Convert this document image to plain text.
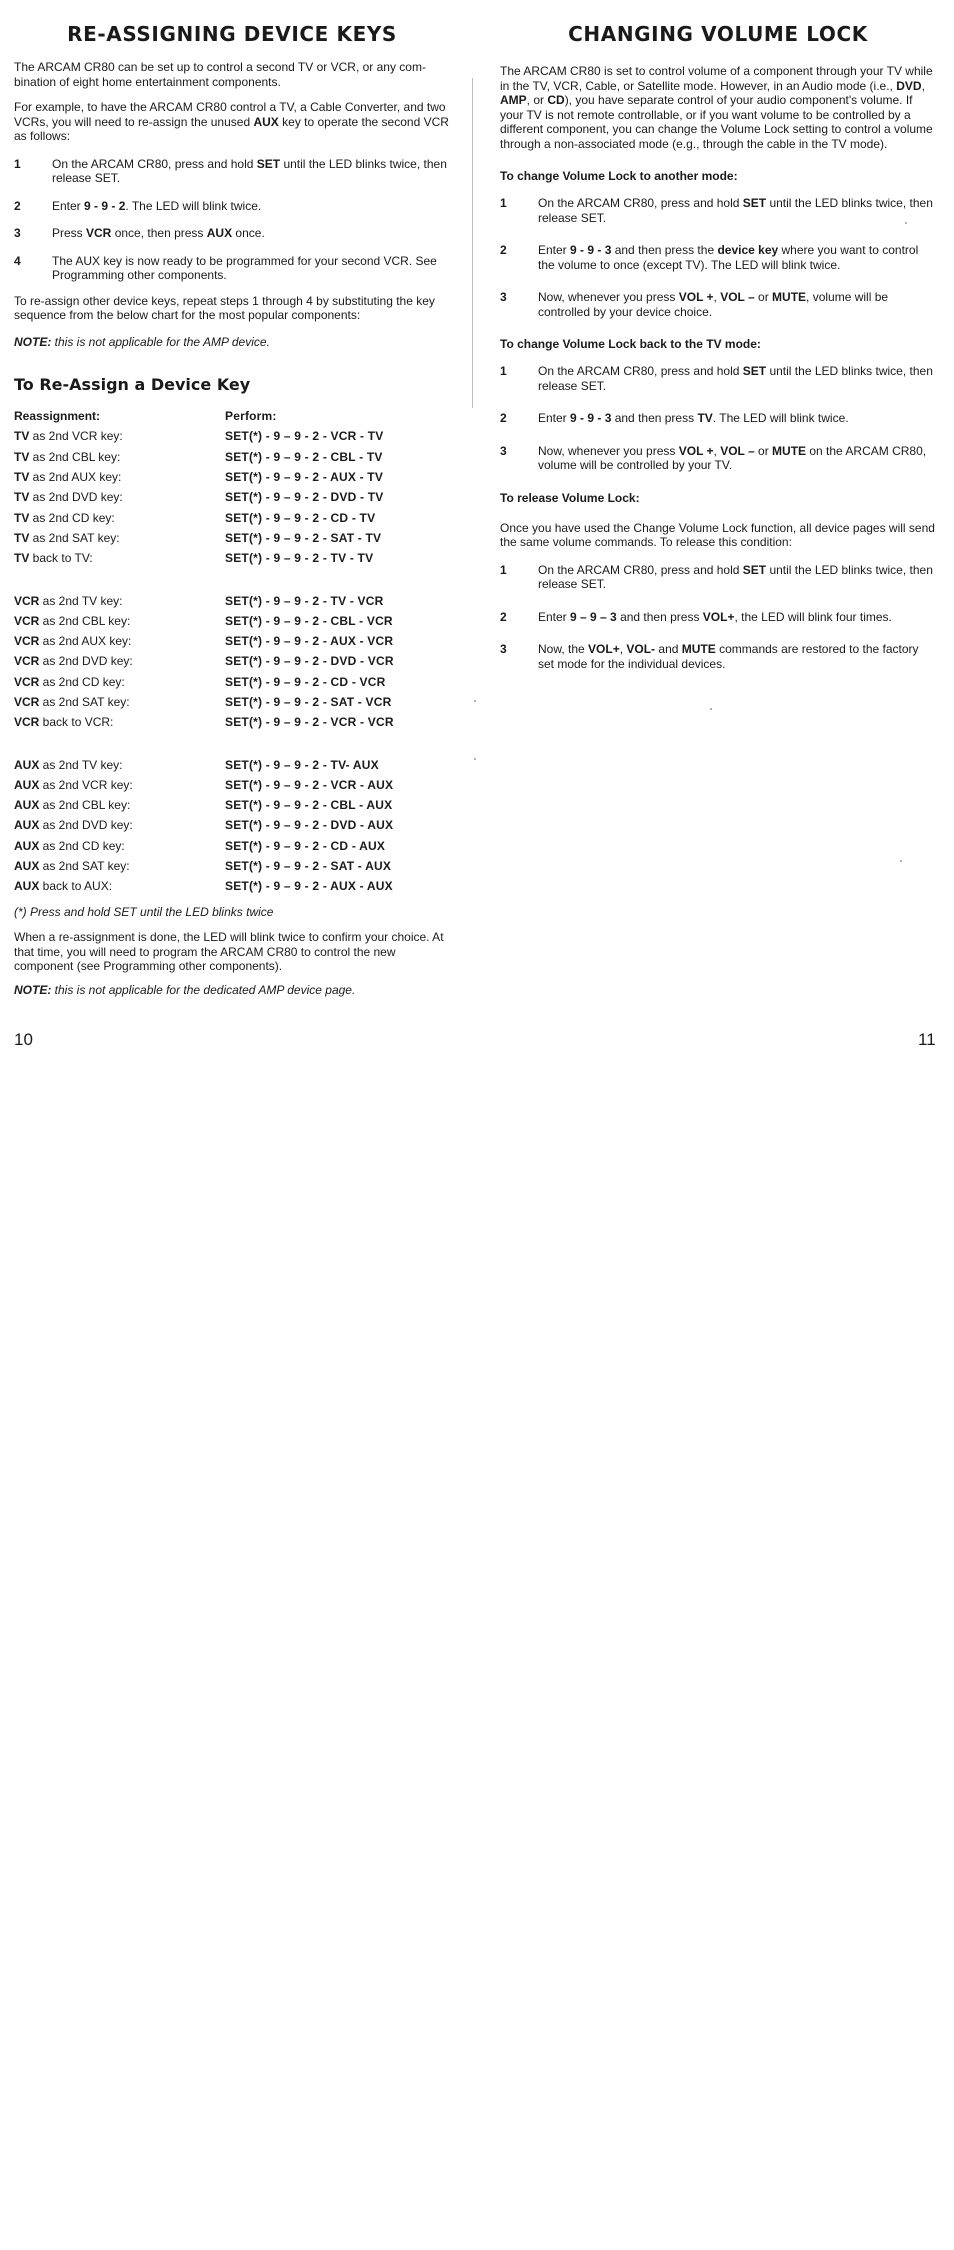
RE-ASSIGNING DEVICE KEYS

The ARCAM CR80 can be set up to control a second TV or VCR, or any com-
bination of eight home entertainment components.

For example, to have the ARCAM CR80 control a TV, a Cable Converter, and two VCRs, you will need to re-assign the unused AUX key to operate the second VCR as follows:

1	On the ARCAM CR80, press and hold SET until the LED blinks twice, then release SET.
2	Enter 9 - 9 - 2. The LED will blink twice.
3	Press VCR once, then press AUX once.
4	The AUX key is now ready to be programmed for your second VCR. See Programming other components.

To re-assign other device keys, repeat steps 1 through 4 by substituting the key sequence from the below chart for the most popular components:

NOTE: this is not applicable for the AMP device.

To Re-Assign a Device Key
Reassignment:	Perform:
TV as 2nd VCR key:	SET(*) - 9 – 9 - 2 - VCR - TV
TV as 2nd CBL key:	SET(*) - 9 – 9 - 2 - CBL - TV
TV as 2nd AUX key:	SET(*) - 9 – 9 - 2 - AUX - TV
TV as 2nd DVD key:	SET(*) - 9 – 9 - 2 - DVD - TV
TV as 2nd CD key:	SET(*) - 9 – 9 - 2 - CD - TV
TV as 2nd SAT key:	SET(*) - 9 – 9 - 2 - SAT - TV
TV back to TV:	SET(*) - 9 – 9 - 2 - TV - TV
VCR as 2nd TV key:	SET(*) - 9 – 9 - 2 - TV - VCR
VCR as 2nd CBL key:	SET(*) - 9 – 9 - 2 - CBL - VCR
VCR as 2nd AUX key:	SET(*) - 9 – 9 - 2 - AUX - VCR
VCR as 2nd DVD key:	SET(*) - 9 – 9 - 2 - DVD - VCR
VCR as 2nd CD key:	SET(*) - 9 – 9 - 2 - CD - VCR
VCR as 2nd SAT key:	SET(*) - 9 – 9 - 2 - SAT - VCR
VCR back to VCR:	SET(*) - 9 – 9 - 2 - VCR - VCR
AUX as 2nd TV key:	SET(*) - 9 – 9 - 2 - TV- AUX
AUX as 2nd VCR key:	SET(*) - 9 – 9 - 2 - VCR - AUX
AUX as 2nd CBL key:	SET(*) - 9 – 9 - 2 - CBL - AUX
AUX as 2nd DVD key:	SET(*) - 9 – 9 - 2 - DVD - AUX
AUX as 2nd CD key:	SET(*) - 9 – 9 - 2 - CD - AUX
AUX as 2nd SAT key:	SET(*) - 9 – 9 - 2 - SAT - AUX
AUX back to AUX:	SET(*) - 9 – 9 - 2 - AUX - AUX

(*) Press and hold SET until the LED blinks twice

When a re-assignment is done, the LED will blink twice to confirm your choice. At that time, you will need to program the ARCAM CR80 to control the new component (see Programming other components).

NOTE: this is not applicable for the dedicated AMP device page.

CHANGING VOLUME LOCK

The ARCAM CR80 is set to control volume of a component through your TV while in the TV, VCR, Cable, or Satellite mode. However, in an Audio mode (i.e., DVD, AMP, or CD), you have separate control of your audio component's volume. If your TV is not remote controllable, or if you want volume to be controlled by a different component, you can change the Volume Lock setting to control a volume through a non-associated mode (e.g., through the cable in the TV mode).

To change Volume Lock to another mode:
1	On the ARCAM CR80, press and hold SET until the LED blinks twice, then release SET.
2	Enter 9 - 9 - 3 and then press the device key where you want to control the volume to once (except TV). The LED will blink twice.
3	Now, whenever you press VOL +, VOL – or MUTE, volume will be controlled by your device choice.
To change Volume Lock back to the TV mode:
1	On the ARCAM CR80, press and hold SET until the LED blinks twice, then release SET.
2	Enter 9 - 9 - 3 and then press TV. The LED will blink twice.
3	Now, whenever you press VOL +, VOL – or MUTE on the ARCAM CR80, volume will be controlled by your TV.
To release Volume Lock:

Once you have used the Change Volume Lock function, all device pages will send the same volume commands. To release this condition:

1	On the ARCAM CR80, press and hold SET until the LED blinks twice, then release SET.
2	Enter 9 – 9 – 3 and then press VOL+, the LED will blink four times.
3	Now, the VOL+, VOL- and MUTE commands are restored to the factory set mode for the individual devices.
10	11
